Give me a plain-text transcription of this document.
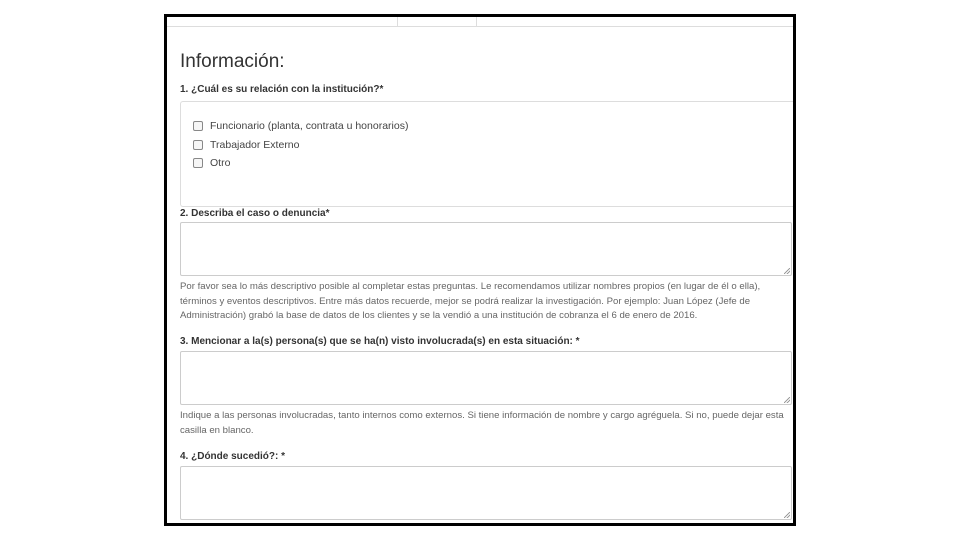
Información:
1. ¿Cuál es su relación con la institución?*
Funcionario (planta, contrata u honorarios)
Trabajador Externo
Otro
2. Describa el caso o denuncia*
Por favor sea lo más descriptivo posible al completar estas preguntas. Le recomendamos utilizar nombres propios (en lugar de él o ella), términos y eventos descriptivos. Entre más datos recuerde, mejor se podrá realizar la investigación. Por ejemplo: Juan López (Jefe de Administración) grabó la base de datos de los clientes y se la vendió a una institución de cobranza el 6 de enero de 2016.
3. Mencionar a la(s) persona(s) que se ha(n) visto involucrada(s) en esta situación: *
Indique a las personas involucradas, tanto internos como externos. Si tiene información de nombre y cargo agréguela. Si no, puede dejar esta casilla en blanco.
4. ¿Dónde sucedió?: *
